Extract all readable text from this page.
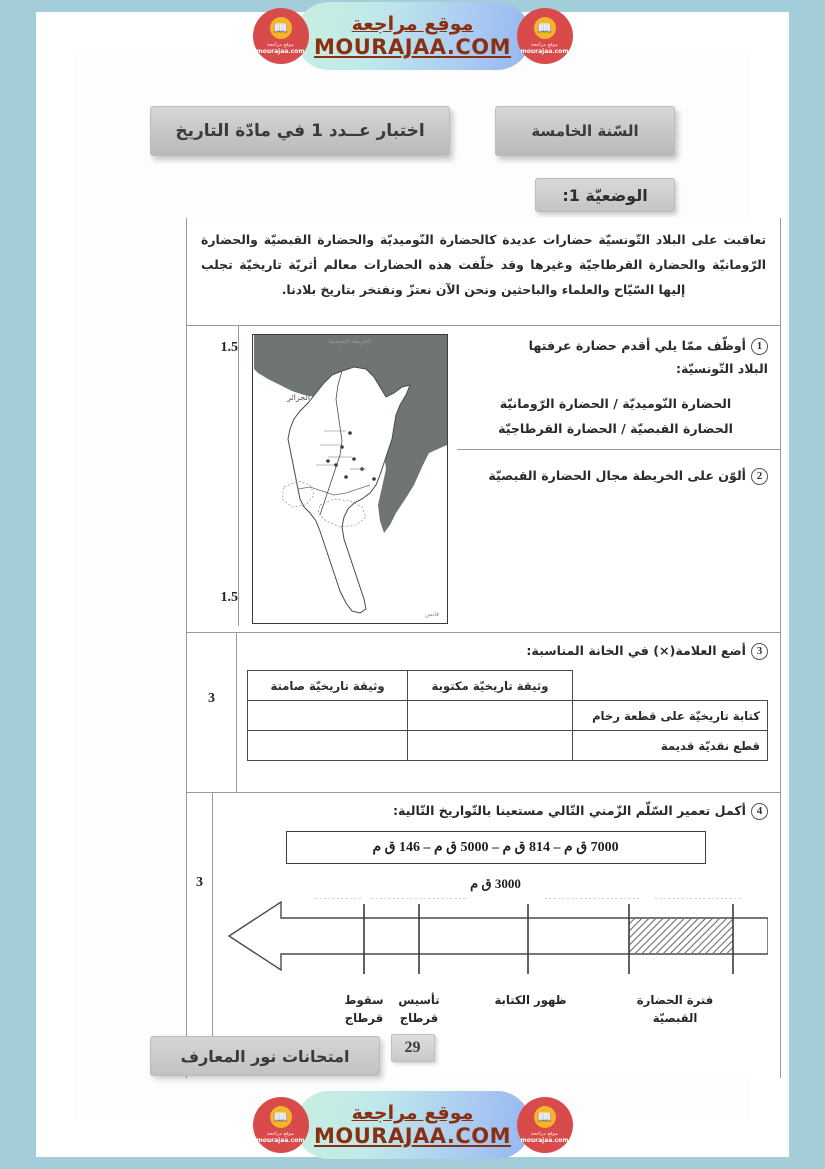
اختبار عــدد 1 في مادّة التاريخ	السّنة الخامسة
الوضعيّة 1:
تعاقبت على البلاد التّونسيّة حضارات عديدة كالحضارة النّوميديّة والحضارة القبصيّة والحضارة الرّومانيّة والحضارة القرطاجيّة وغيرها وقد خلّفت هذه الحضارات معالم أثريّة تاريخيّة تجلب إليها السّيّاح والعلماء والباحثين ونحن الآن نعتزّ ونفتخر بتاريخ بلادنا.
1.5
1.5
1أوظّف ممّا يلي أقدم حضارة عرفتها
البلاد التّونسيّة:
الحضارة النّوميديّة / الحضارة الرّومانيّة
الحضارة القبصيّة / الحضارة القرطاجيّة
2ألوّن على الخريطة مجال الحضارة القبصيّة
الخريطة التونسية
الجزائر
قابس
3
3أضع العلامة(×) في الخانة المناسبة:
	وثيقة تاريخيّة مكتوبة	وثيقة تاريخيّة صامتة
كتابة تاريخيّة على قطعة رخام		
قطع نقديّة قديمة		
3
4أكمل تعمير السّلّم الزّمني التّالي مستعينا بالتّواريخ التّالية:
7000 ق م – 814 ق م – 5000 ق م – 146 ق م
3000 ق م
فترة الحضارة
القبصيّة
ظهور الكتابة
تأسيس
قرطاج
سقوط
قرطاج
امتحانات نور المعارف	29
📖
موقع مراجعة
mourajaa.com
موقع مراجعة
MOURAJAA.COM
📖
موقع مراجعة
mourajaa.com
📖
موقع مراجعة
mourajaa.com
موقع مراجعة
MOURAJAA.COM
📖
موقع مراجعة
mourajaa.com
